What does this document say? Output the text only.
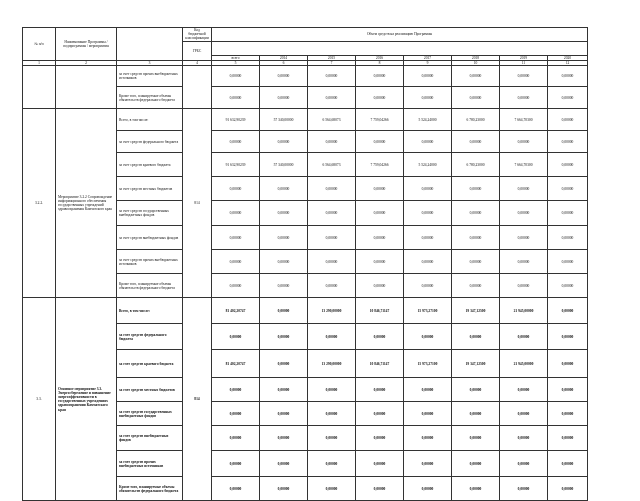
№ п/п	Наименование Программы / подпрограммы / мероприятия		Код бюджетной классификации	Объем средств на реализацию Программы							
			ГРБС								
				всего	2014	2015	2016	2017	2018	2019	2020
1	2	3	4	5	6	7	8	9	10	11	12
		за счет средств прочих внебюджетных источников		0,00000	0,00000	0,00000	0,00000	0,00000	0,00000	0,00000	0,00000
		Кроме того, планируемые объемы обязательств федерального бюджета		0,00000	0,00000	0,00000	0,00000	0,00000	0,00000	0,00000	0,00000
3.2.2.	Мероприятие 3.2.2 Сопровождение информационного обеспечения государственных учреждений здравоохранения Камчатского края	Всего, в том числе:	814	91 632,90239	57 340,00000	6 564,68073	7 759,04266	5 524,24000	6 780,23000	7 664,70300	0,00000
		за счет средств федерального бюджета		0,00000	0,00000	0,00000	0,00000	0,00000	0,00000	0,00000	0,00000
		за счет средств краевого бюджета		91 632,90239	57 340,00000	6 564,68073	7 759,04266	5 524,24000	6 780,23000	7 664,70300	0,00000
		за счет средств местных бюджетов		0,00000	0,00000	0,00000	0,00000	0,00000	0,00000	0,00000	0,00000
		за счет средств государственных внебюджетных фондов		0,00000	0,00000	0,00000	0,00000	0,00000	0,00000	0,00000	0,00000
		за счет средств внебюджетных фондов		0,00000	0,00000	0,00000	0,00000	0,00000	0,00000	0,00000	0,00000
		за счет средств прочих внебюджетных источников		0,00000	0,00000	0,00000	0,00000	0,00000	0,00000	0,00000	0,00000
		Кроме того, планируемые объемы обязательств федерального бюджета		0,00000	0,00000	0,00000	0,00000	0,00000	0,00000	0,00000	0,00000
3.3.	Основное мероприятие 3.3. Энергосбережение и повышение энергоэффективности в государственных учреждениях здравоохранения Камчатского края	Всего, в том числе:	814	81 402,20747	0,00000	13 290,00000	10 846,71147	15 973,27100	19 347,12500	21 945,00000	0,00000
		за счет средств федерального бюджета		0,00000	0,00000	0,00000	0,00000	0,00000	0,00000	0,00000	0,00000
		за счет средств краевого бюджета		81 402,20747	0,00000	13 290,00000	10 846,71147	15 973,27100	19 347,12500	21 945,00000	0,00000
		за счет средств местных бюджетов		0,00000	0,00000	0,00000	0,00000	0,00000	0,00000	0,00000	0,00000
		за счет средств государственных внебюджетных фондов		0,00000	0,00000	0,00000	0,00000	0,00000	0,00000	0,00000	0,00000
		за счет средств внебюджетных фондов		0,00000	0,00000	0,00000	0,00000	0,00000	0,00000	0,00000	0,00000
		за счет средств прочих внебюджетных источников		0,00000	0,00000	0,00000	0,00000	0,00000	0,00000	0,00000	0,00000
		Кроме того, планируемые объемы обязательств федерального бюджета		0,00000	0,00000	0,00000	0,00000	0,00000	0,00000	0,00000	0,00000
